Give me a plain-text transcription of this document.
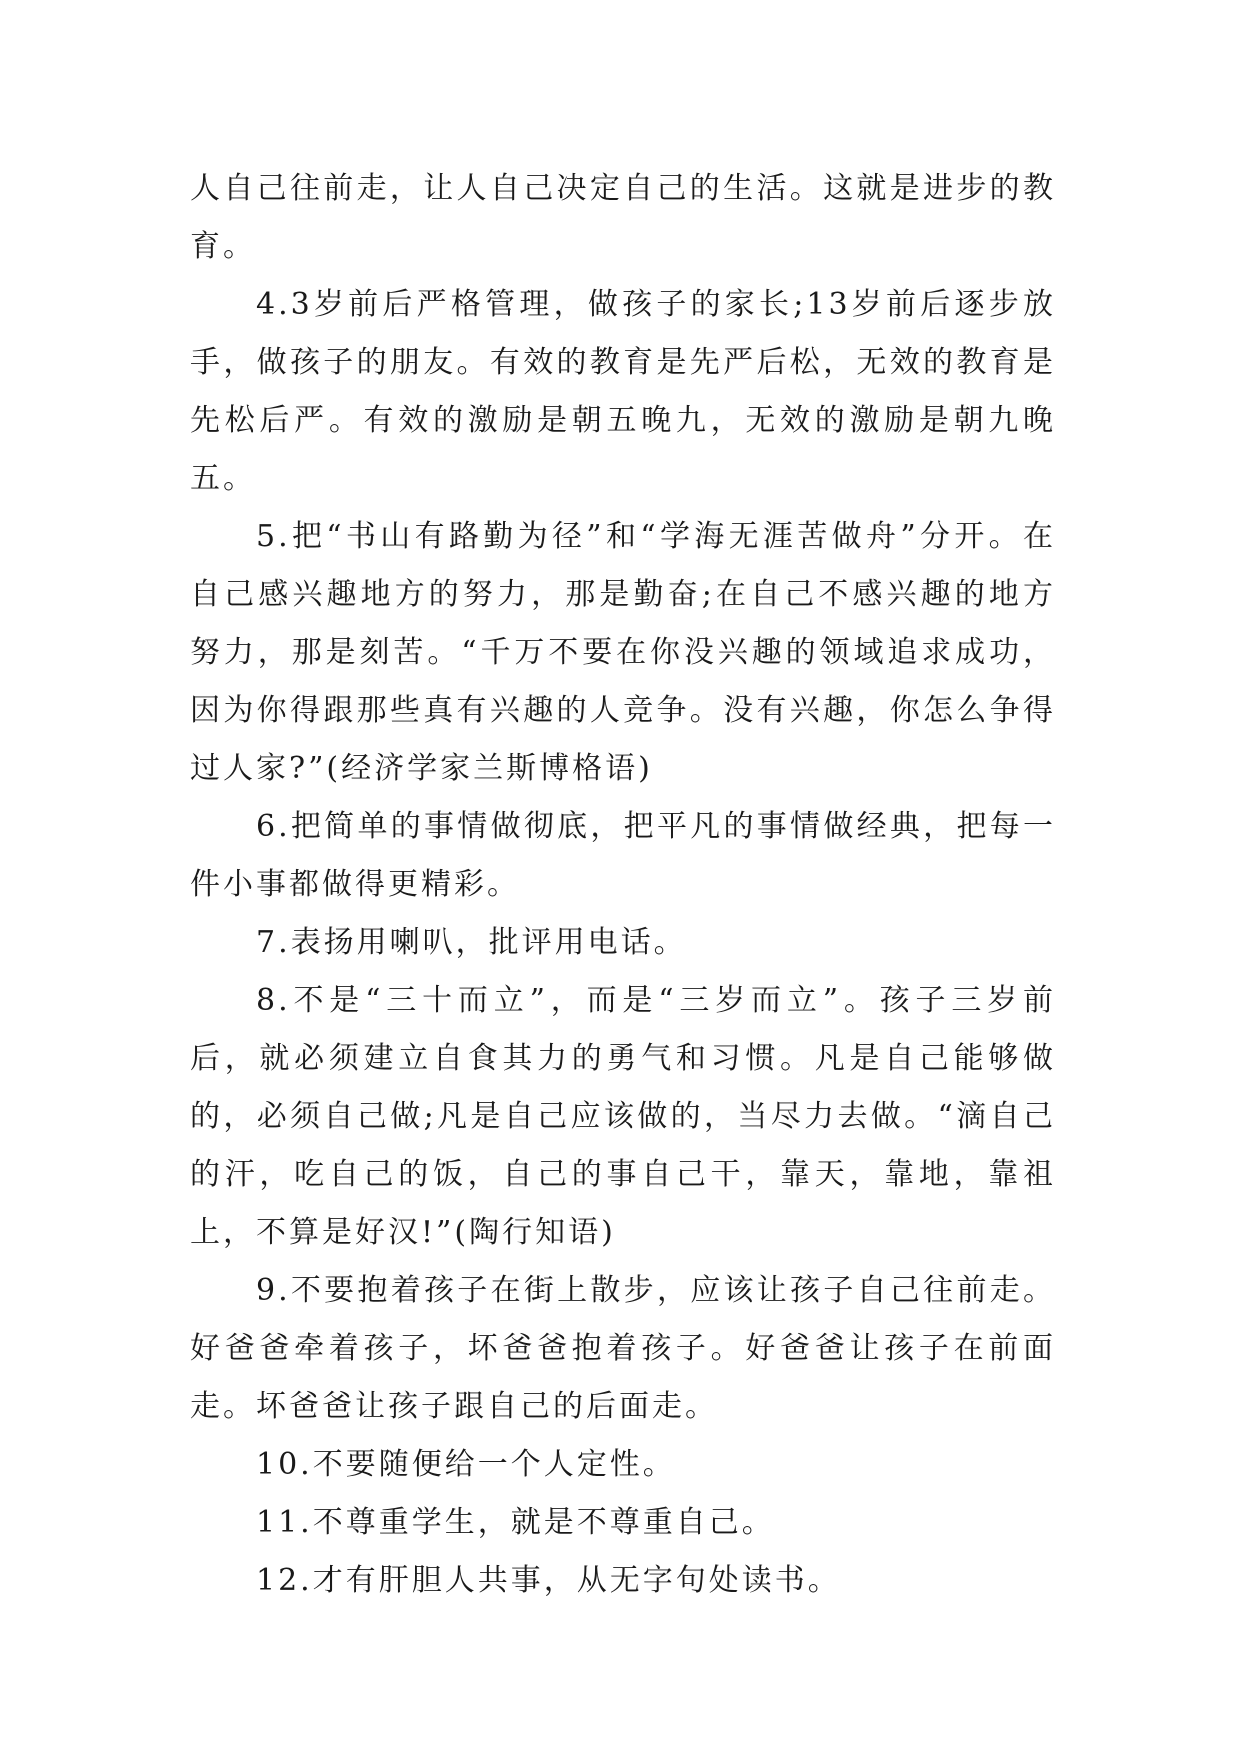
人自己往前走，让人自己决定自己的生活。这就是进步的教育。

4.3岁前后严格管理，做孩子的家长;13岁前后逐步放手，做孩子的朋友。有效的教育是先严后松，无效的教育是先松后严。有效的激励是朝五晚九，无效的激励是朝九晚五。

5.把“书山有路勤为径”和“学海无涯苦做舟”分开。在自己感兴趣地方的努力，那是勤奋;在自己不感兴趣的地方努力，那是刻苦。“千万不要在你没兴趣的领域追求成功，因为你得跟那些真有兴趣的人竞争。没有兴趣，你怎么争得过人家?”(经济学家兰斯博格语)

6.把简单的事情做彻底，把平凡的事情做经典，把每一件小事都做得更精彩。

7.表扬用喇叭，批评用电话。

8.不是“三十而立”，而是“三岁而立”。孩子三岁前后，就必须建立自食其力的勇气和习惯。凡是自己能够做的，必须自己做;凡是自己应该做的，当尽力去做。“滴自己的汗，吃自己的饭，自己的事自己干，靠天，靠地，靠祖上，不算是好汉!”(陶行知语)

9.不要抱着孩子在街上散步，应该让孩子自己往前走。好爸爸牵着孩子，坏爸爸抱着孩子。好爸爸让孩子在前面走。坏爸爸让孩子跟自己的后面走。

10.不要随便给一个人定性。

11.不尊重学生，就是不尊重自己。

12.才有肝胆人共事，从无字句处读书。
